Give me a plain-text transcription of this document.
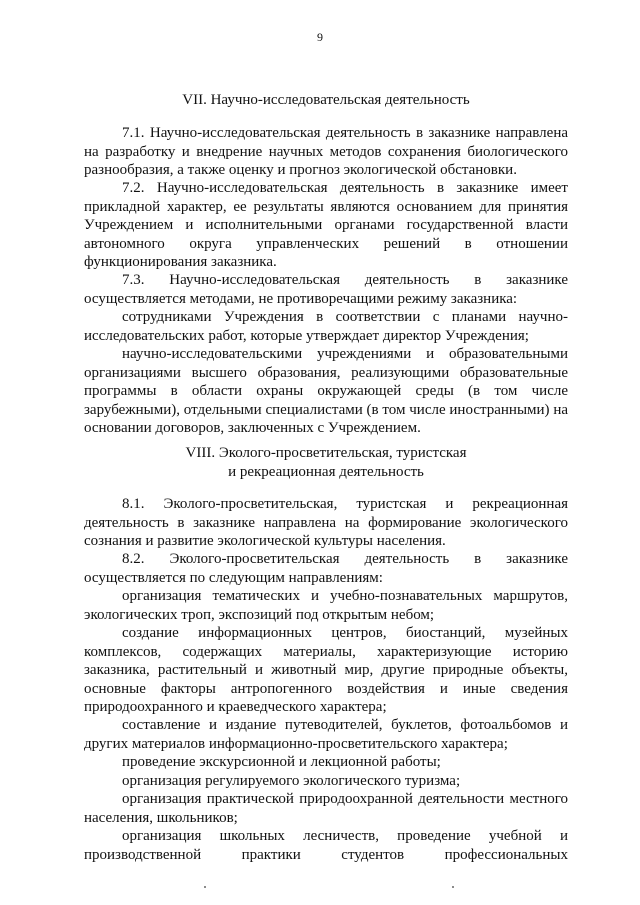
9
VII. Научно-исследовательская деятельность
7.1. Научно-исследовательская деятельность в заказнике направлена
на разработку и внедрение научных методов сохранения биологического
разнообразия, а также оценку и прогноз экологической обстановки.
7.2. Научно-исследовательская деятельность в заказнике имеет
прикладной характер, ее результаты являются основанием для принятия
Учреждением и исполнительными органами государственной власти
автономного округа управленческих решений в отношении
функционирования заказника.
7.3. Научно-исследовательская деятельность в заказнике
осуществляется методами, не противоречащими режиму заказника:
сотрудниками Учреждения в соответствии с планами научно-
исследовательских работ, которые утверждает директор Учреждения;
научно-исследовательскими учреждениями и образовательными
организациями высшего образования, реализующими образовательные
программы в области охраны окружающей среды (в том числе
зарубежными), отдельными специалистами (в том числе иностранными) на
основании договоров, заключенных с Учреждением.
VIII. Эколого-просветительская, туристская
и рекреационная деятельность
8.1. Эколого-просветительская, туристская и рекреационная
деятельность в заказнике направлена на формирование экологического
сознания и развитие экологической культуры населения.
8.2. Эколого-просветительская деятельность в заказнике
осуществляется по следующим направлениям:
организация тематических и учебно-познавательных маршрутов,
экологических троп, экспозиций под открытым небом;
создание информационных центров, биостанций, музейных
комплексов, содержащих материалы, характеризующие историю
заказника, растительный и животный мир, другие природные объекты,
основные факторы антропогенного воздействия и иные сведения
природоохранного и краеведческого характера;
составление и издание путеводителей, буклетов, фотоальбомов и
других материалов информационно-просветительского характера;
проведение экскурсионной и лекционной работы;
организация регулируемого экологического туризма;
организация практической природоохранной деятельности местного
населения, школьников;
организация школьных лесничеств, проведение учебной и
производственной практики студентов профессиональных
